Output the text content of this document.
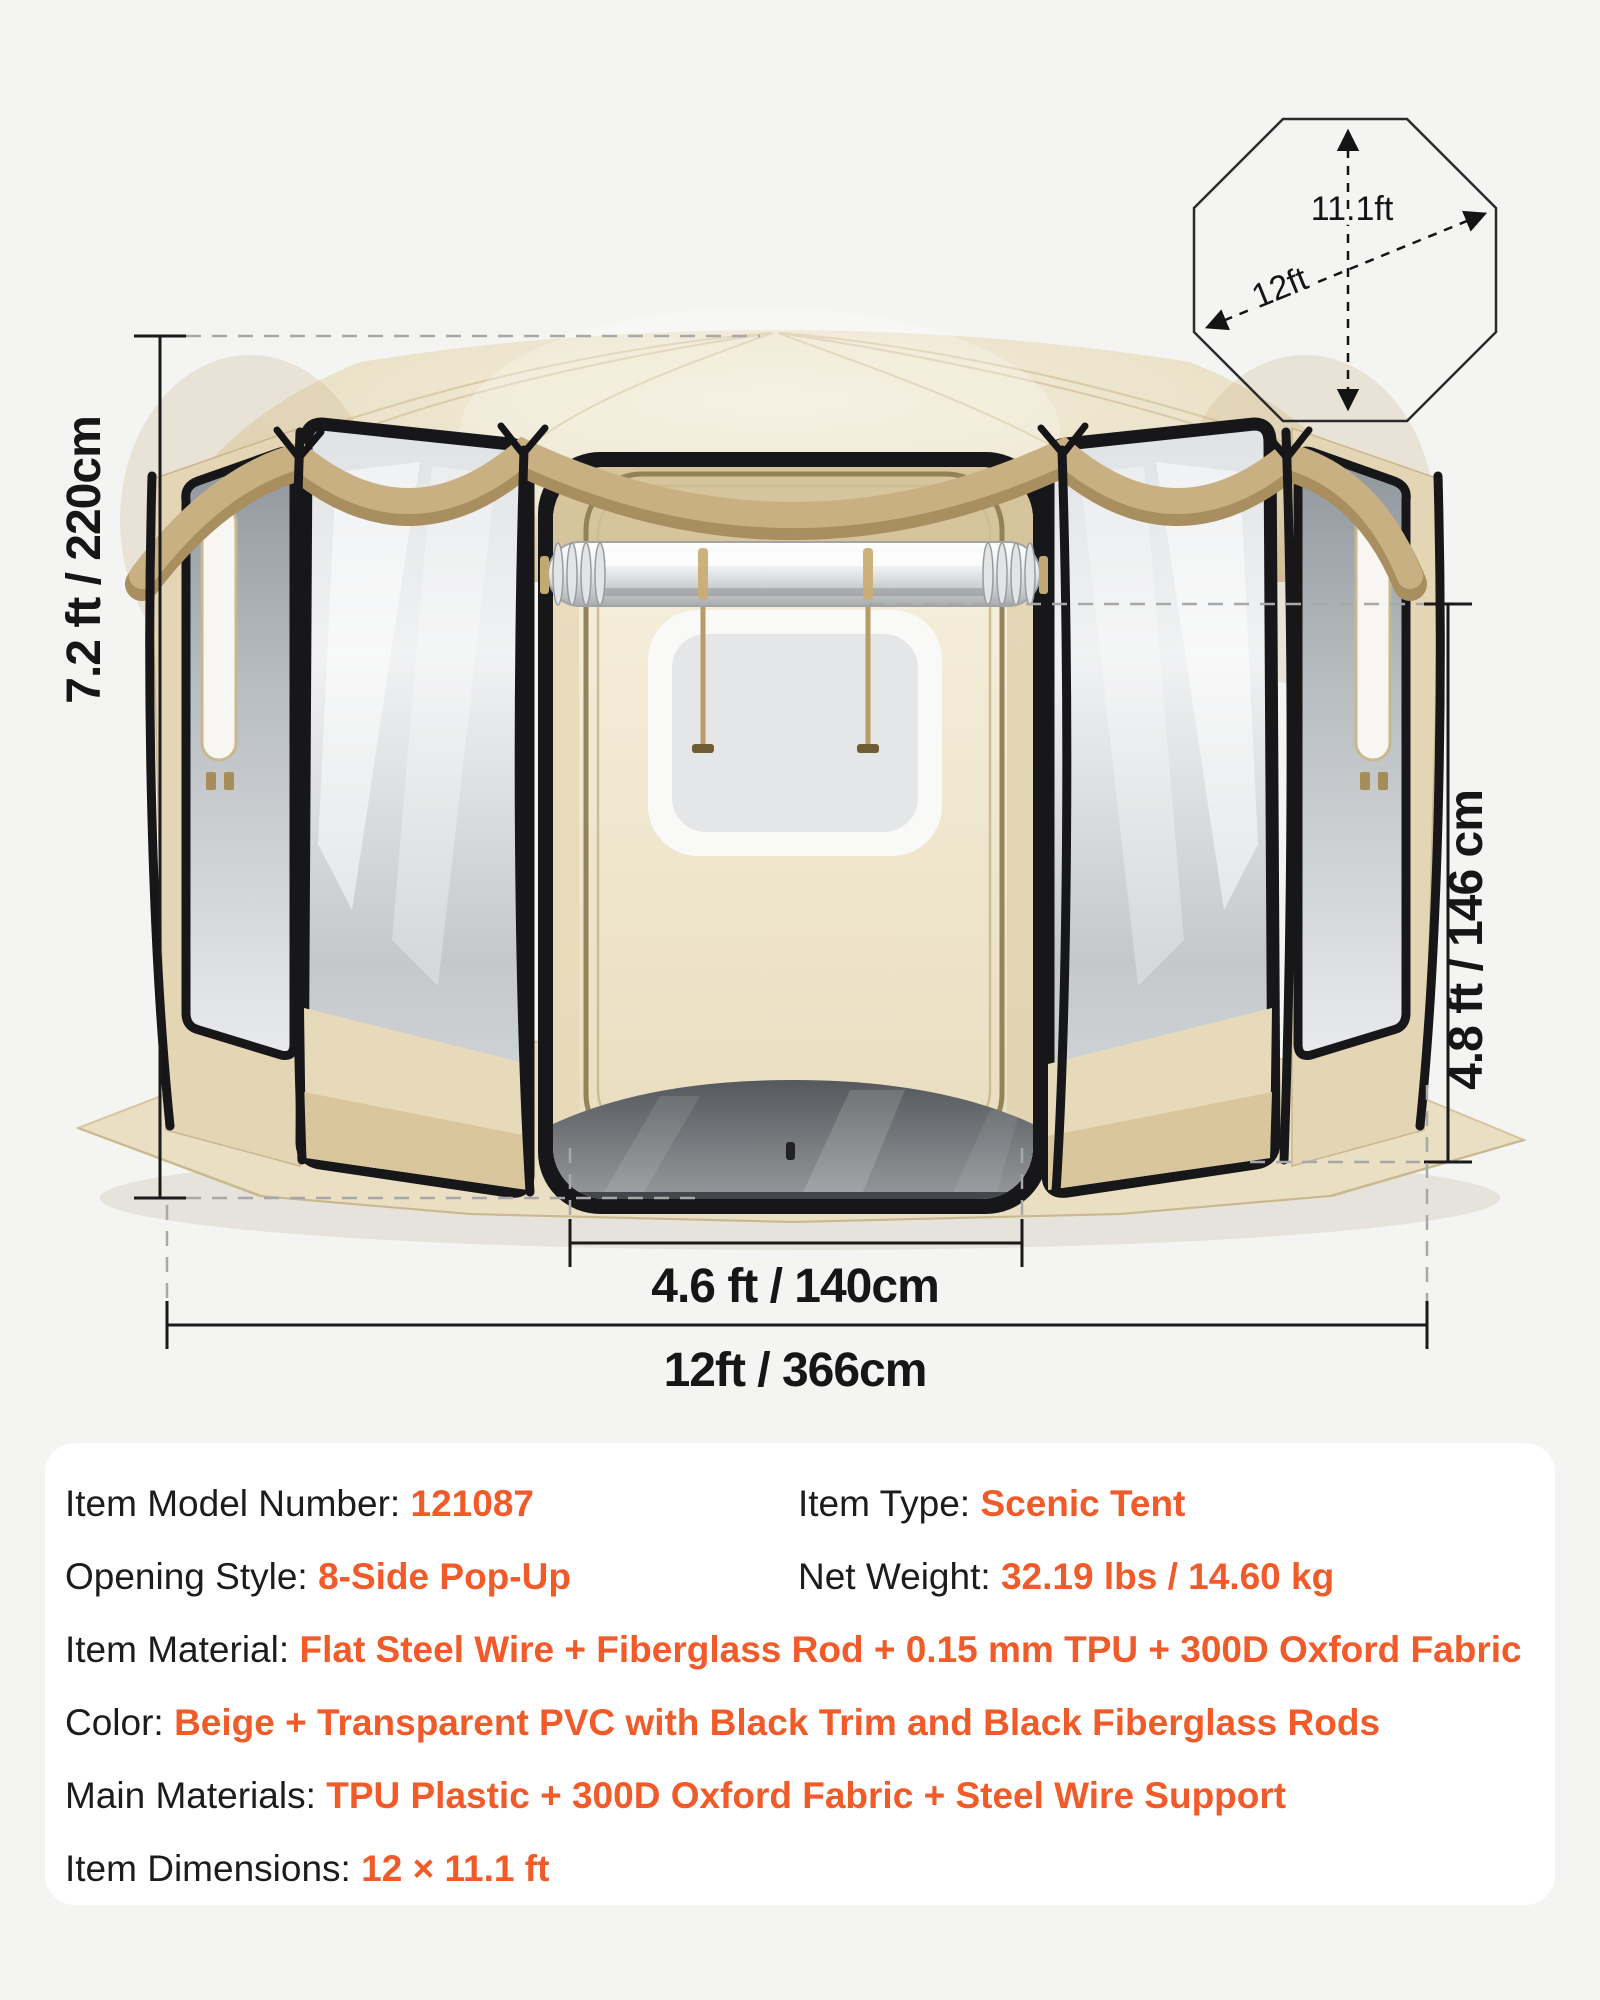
7.2 ft / 220cm
4.8 ft / 146 cm
4.6 ft / 140cm
12ft / 366cm
11.1ft
12ft
Item Model Number: 121087	Item Type: Scenic Tent
Opening Style: 8-Side Pop-Up	Net Weight: 32.19 lbs / 14.60 kg
Item Material: Flat Steel Wire + Fiberglass Rod + 0.15 mm TPU + 300D Oxford Fabric
Color: Beige + Transparent PVC with Black Trim and Black Fiberglass Rods
Main Materials: TPU Plastic + 300D Oxford Fabric + Steel Wire Support
Item Dimensions: 12 × 11.1 ft
